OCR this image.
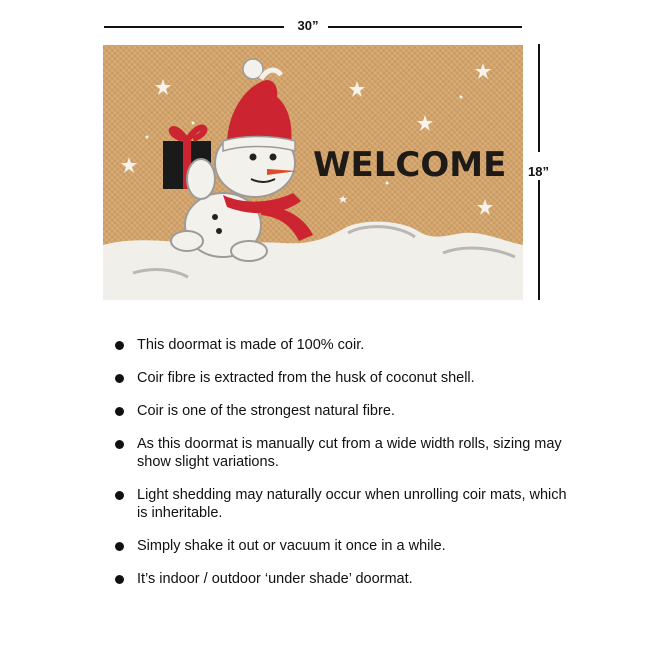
30”
18”
WELCOME
This doormat is made of 100% coir.
Coir fibre is extracted from the husk of coconut shell.
Coir is one of the strongest natural fibre.
As this doormat is manually cut from a wide width rolls, sizing may show slight variations.
Light shedding may naturally occur when unrolling coir mats, which is inheritable.
Simply shake it out or vacuum it once in a while.
It’s indoor / outdoor ‘under shade’ doormat.
